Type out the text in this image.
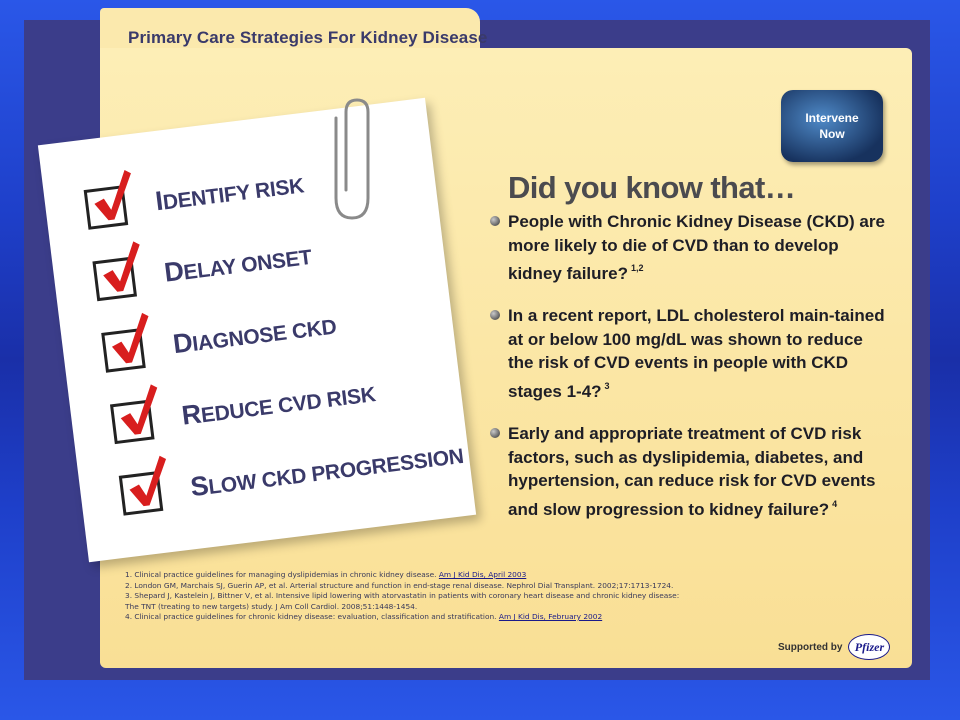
Primary Care Strategies For Kidney Disease
Intervene
Now
IDENTIFY RISK
DELAY ONSET
DIAGNOSE CKD
REDUCE CVD RISK
SLOW CKD PROGRESSION
Did you know that…
People with Chronic Kidney Disease (CKD) are more likely to die of CVD than to develop kidney failure? $^{1,2}$
In a recent report, LDL cholesterol main-tained at or below 100 mg/dL was shown to reduce the risk of CVD events in people with CKD stages 1-4? $^3$
Early and appropriate treatment of CVD risk factors, such as dyslipidemia, diabetes, and hypertension, can reduce risk for CVD events and slow progression to kidney failure? $^4$
1. Clinical practice guidelines for managing dyslipidemias in chronic kidney disease. Am J Kid Dis, April 2003
2. London GM, Marchais SJ, Guerin AP, et al. Arterial structure and function in end-stage renal disease. Nephrol Dial Transplant. 2002;17:1713-1724.
3. Shepard J, Kastelein J, Bittner V, et al. Intensive lipid lowering with atorvastatin in patients with coronary heart disease and chronic kidney disease:
The TNT (treating to new targets) study. J Am Coll Cardiol. 2008;51:1448-1454.
4. Clinical practice guidelines for chronic kidney disease: evaluation, classification and stratification. Am J Kid Dis, February 2002
Supported by Pfizer
